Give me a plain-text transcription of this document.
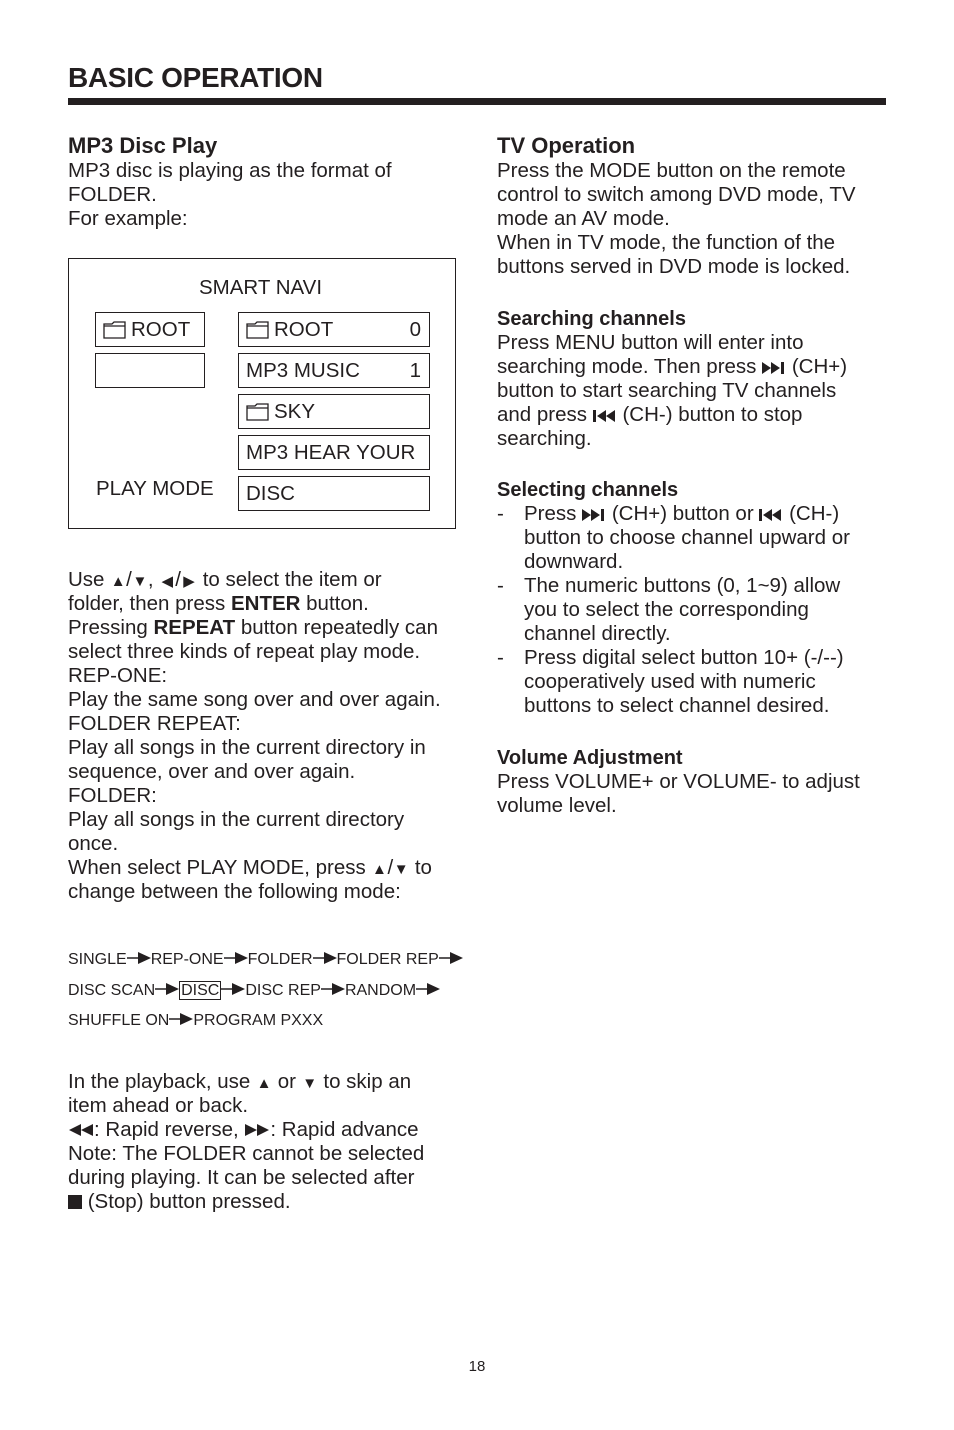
BASIC OPERATION
MP3 Disc Play
MP3 disc is playing as the format of
FOLDER.
For example:
SMART NAVI
ROOT	ROOT	0
MP3 MUSIC 1
SKY
MP3 HEAR YOUR
PLAY MODE	DISC
Use ▲/▼, ◀ / ▶ to select the item or
folder, then press ENTER button.
Pressing REPEAT button repeatedly can
select three kinds of repeat play mode.
REP-ONE:
Play the same song over and over again.
FOLDER REPEAT:
Play all songs in the current directory in
sequence, over and over again.
FOLDER:
Play all songs in the current directory
once.
When select PLAY MODE, press ▲/▼ to
change between the following mode:
SINGLE REP-ONE FOLDER FOLDER REP
DISC SCAN DISC DISC REP RANDOM
SHUFFLE ON PROGRAM PXXX
In the playback, use ▲ or ▼ to skip an
item ahead or back.
: Rapid reverse, : Rapid advance
Note: The FOLDER cannot be selected
during playing. It can be selected after
(Stop) button pressed.
TV Operation
Press the MODE button on the remote
control to switch among DVD mode, TV
mode an AV mode.
When in TV mode, the function of the
buttons served in DVD mode is locked.
Searching channels
Press MENU button will enter into
searching mode. Then press (CH+)
button to start searching TV channels
and press (CH-) button to stop
searching.
Selecting channels
- Press (CH+) button or (CH-)
button to choose channel upward or
downward.
- The numeric buttons (0, 1~9) allow
you to select the corresponding
channel directly.
- Press digital select button 10+ (-/--)
cooperatively used with numeric
buttons to select channel desired.
Volume Adjustment
Press VOLUME+ or VOLUME- to adjust
volume level.
18
